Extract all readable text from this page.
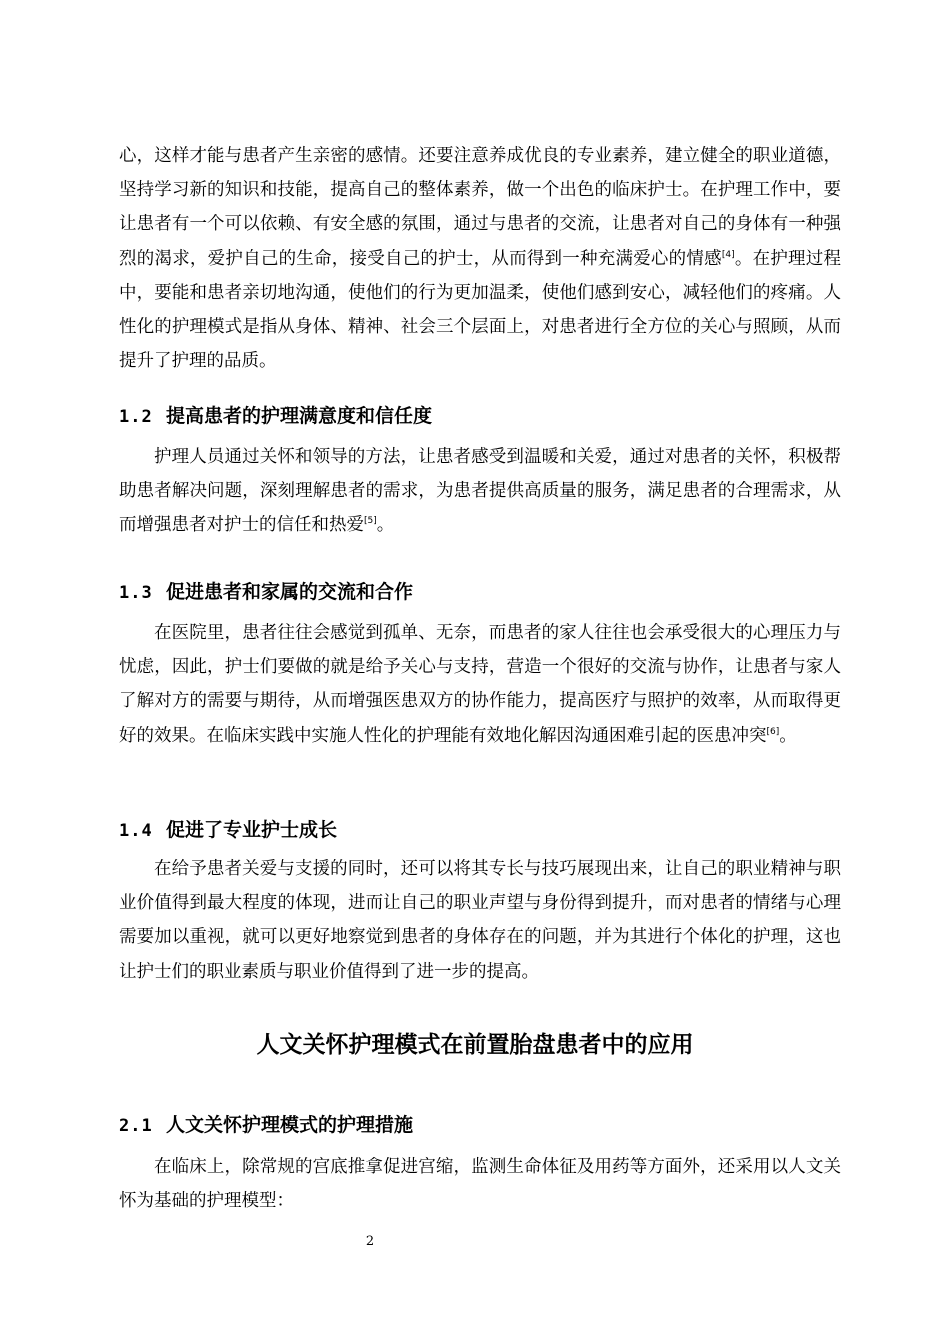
心，这样才能与患者产生亲密的感情。还要注意养成优良的专业素养，建立健全的职业道德，坚持学习新的知识和技能，提高自己的整体素养，做一个出色的临床护士。在护理工作中，要让患者有一个可以依赖、有安全感的氛围，通过与患者的交流，让患者对自己的身体有一种强烈的渴求，爱护自己的生命，接受自己的护士，从而得到一种充满爱心的情感[4]。在护理过程中，要能和患者亲切地沟通，使他们的行为更加温柔，使他们感到安心，减轻他们的疼痛。人性化的护理模式是指从身体、精神、社会三个层面上，对患者进行全方位的关心与照顾，从而提升了护理的品质。

1.2 提高患者的护理满意度和信任度

护理人员通过关怀和领导的方法，让患者感受到温暖和关爱，通过对患者的关怀，积极帮助患者解决问题，深刻理解患者的需求，为患者提供高质量的服务，满足患者的合理需求，从而增强患者对护士的信任和热爱[5]。

1.3 促进患者和家属的交流和合作

在医院里，患者往往会感觉到孤单、无奈，而患者的家人往往也会承受很大的心理压力与忧虑，因此，护士们要做的就是给予关心与支持，营造一个很好的交流与协作，让患者与家人了解对方的需要与期待，从而增强医患双方的协作能力，提高医疗与照护的效率，从而取得更好的效果。在临床实践中实施人性化的护理能有效地化解因沟通困难引起的医患冲突[6]。

1.4 促进了专业护士成长

在给予患者关爱与支援的同时，还可以将其专长与技巧展现出来，让自己的职业精神与职业价值得到最大程度的体现，进而让自己的职业声望与身份得到提升，而对患者的情绪与心理需要加以重视，就可以更好地察觉到患者的身体存在的问题，并为其进行个体化的护理，这也让护士们的职业素质与职业价值得到了进一步的提高。

人文关怀护理模式在前置胎盘患者中的应用
2.1 人文关怀护理模式的护理措施

在临床上，除常规的宫底推拿促进宫缩，监测生命体征及用药等方面外，还采用以人文关怀为基础的护理模型：

2
